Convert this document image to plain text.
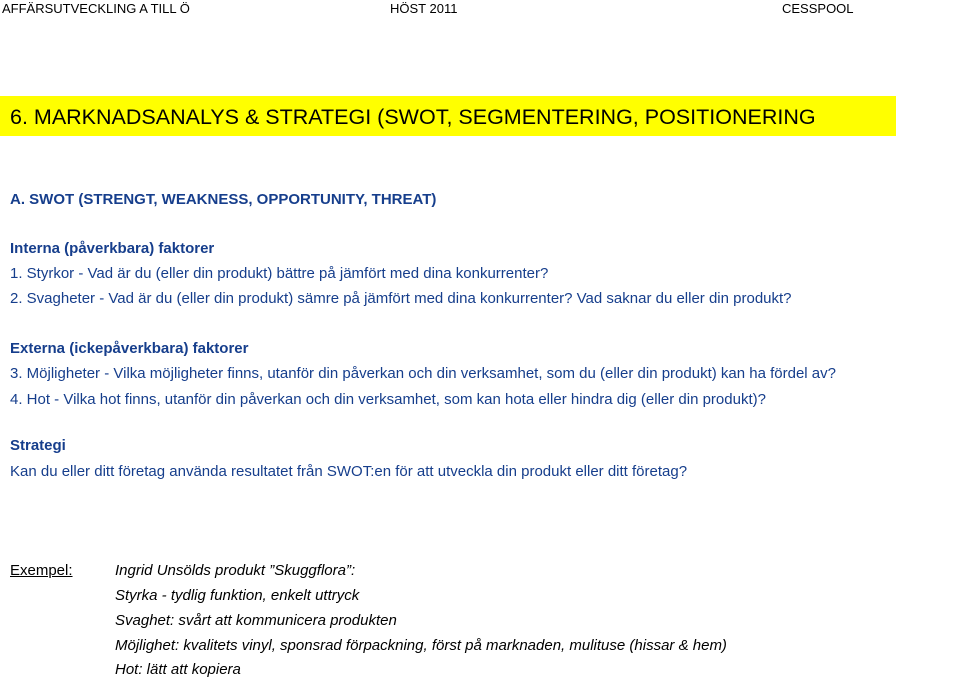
AFFÄRSUTVECKLING A TILL Ö	HÖST 2011	CESSPOOL
6. MARKNADSANALYS & STRATEGI (SWOT, SEGMENTERING, POSITIONERING
A. SWOT (STRENGT, WEAKNESS, OPPORTUNITY, THREAT)
Interna (påverkbara) faktorer
1. Styrkor - Vad är du (eller din produkt) bättre på jämfört med dina konkurrenter?
2. Svagheter - Vad är du (eller din produkt) sämre på jämfört med dina konkurrenter? Vad saknar du eller din produkt?
Externa (ickepåverkbara) faktorer
3. Möjligheter - Vilka möjligheter finns, utanför din påverkan och din verksamhet, som du (eller din produkt) kan ha fördel av?
4. Hot - Vilka hot finns, utanför din påverkan och din verksamhet, som kan hota eller hindra dig (eller din produkt)?
Strategi
Kan du eller ditt företag använda resultatet från SWOT:en för att utveckla din produkt eller ditt företag?
Exempel:	Ingrid Unsölds produkt ”Skuggflora”:
Styrka - tydlig funktion, enkelt uttryck
Svaghet: svårt att kommunicera produkten
Möjlighet: kvalitets vinyl, sponsrad förpackning, först på marknaden, mulituse (hissar & hem)
Hot: lätt att kopiera
